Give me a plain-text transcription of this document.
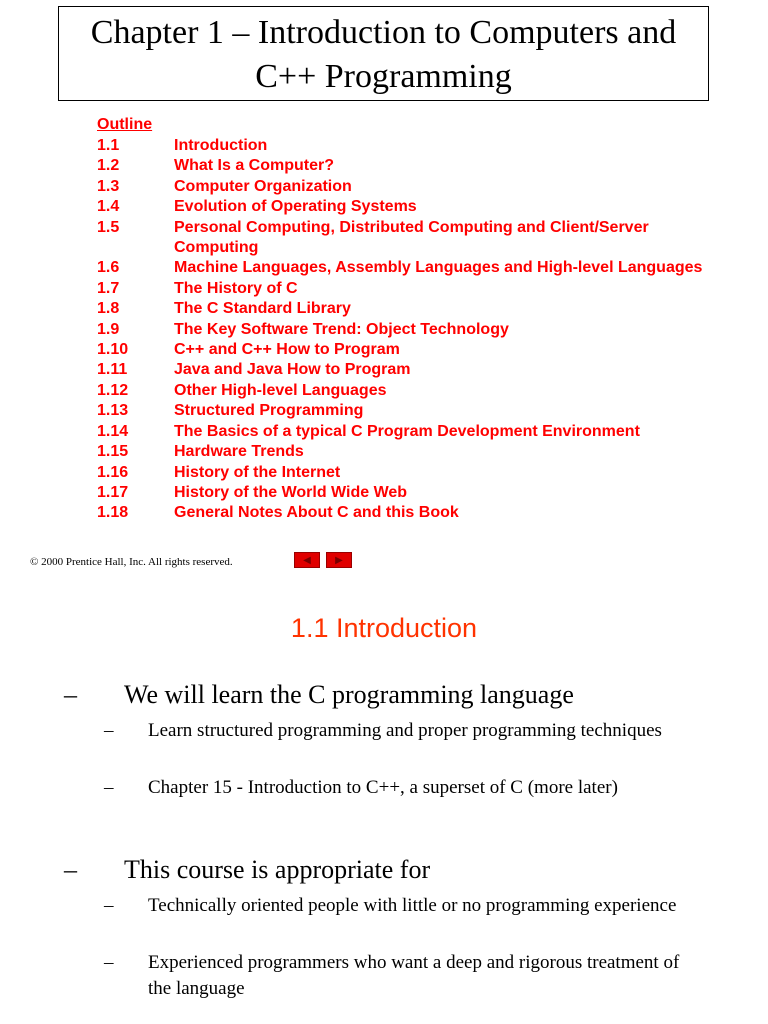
Chapter 1 – Introduction to Computers and C++ Programming
Outline
1.1	Introduction
1.2	What Is a Computer?
1.3	Computer Organization
1.4	Evolution of Operating Systems
1.5	Personal Computing, Distributed Computing and Client/Server Computing
1.6	Machine Languages, Assembly Languages and High-level Languages
1.7	The History of C
1.8	The C Standard Library
1.9	The Key Software Trend: Object Technology
1.10	C++ and C++ How to Program
1.11	Java and Java How to Program
1.12	Other High-level Languages
1.13	Structured Programming
1.14	The Basics of a typical C Program Development Environment
1.15	Hardware Trends
1.16	History of the Internet
1.17	History of the World Wide Web
1.18	General Notes About C and this Book
© 2000 Prentice Hall, Inc. All rights reserved.	◀ ▶
1.1 Introduction
– We will learn the C programming language
– Learn structured programming and proper programming techniques
– Chapter 15 - Introduction to C++, a superset of C (more later)
– This course is appropriate for
– Technically oriented people with little or no programming experience
– Experienced programmers who want a deep and rigorous treatment of the language
